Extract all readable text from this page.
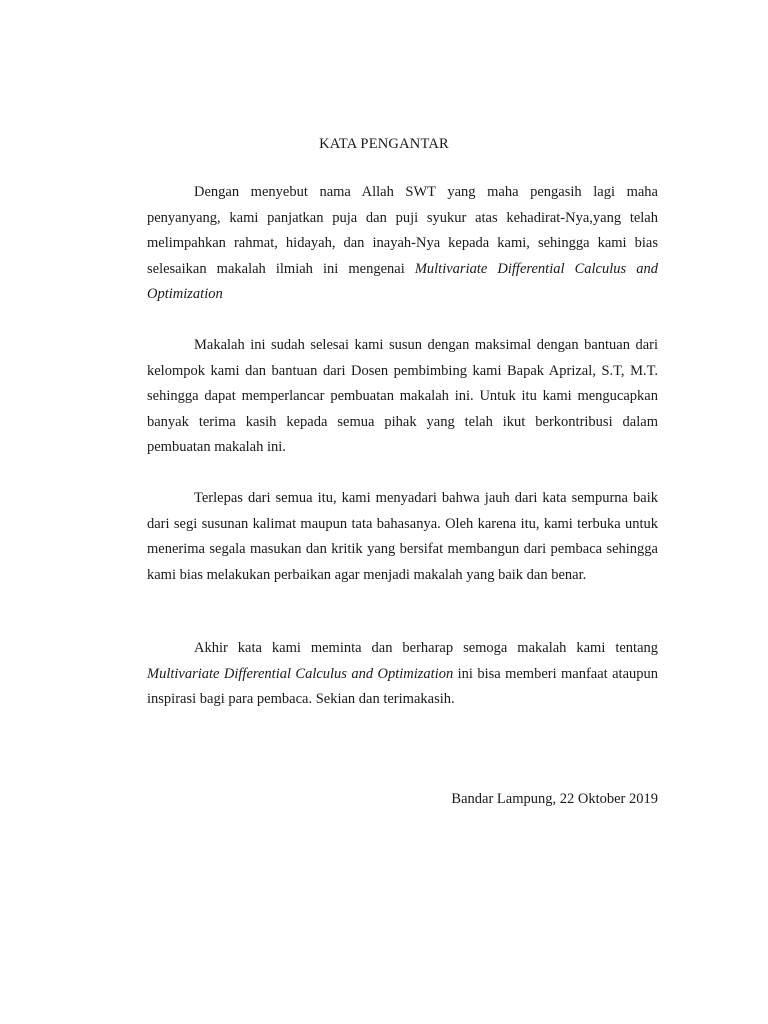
KATA PENGANTAR

Dengan menyebut nama Allah SWT yang maha pengasih lagi maha penyanyang, kami panjatkan puja dan puji syukur atas kehadirat-Nya,yang telah melimpahkan rahmat, hidayah, dan inayah-Nya kepada kami, sehingga kami bias selesaikan makalah ilmiah ini mengenai Multivariate Differential Calculus and Optimization

Makalah ini sudah selesai kami susun dengan maksimal dengan bantuan dari kelompok kami dan bantuan dari Dosen pembimbing kami Bapak Aprizal, S.T, M.T. sehingga dapat memperlancar pembuatan makalah ini. Untuk itu kami mengucapkan banyak terima kasih kepada semua pihak yang telah ikut berkontribusi dalam pembuatan makalah ini.

Terlepas dari semua itu, kami menyadari bahwa jauh dari kata sempurna baik dari segi susunan kalimat maupun tata bahasanya. Oleh karena itu, kami terbuka untuk menerima segala masukan dan kritik yang bersifat membangun dari pembaca sehingga kami bias melakukan perbaikan agar menjadi makalah yang baik dan benar.

Akhir kata kami meminta dan berharap semoga makalah kami tentang Multivariate Differential Calculus and Optimization ini bisa memberi manfaat ataupun inspirasi bagi para pembaca. Sekian dan terimakasih.

Bandar Lampung, 22 Oktober 2019
